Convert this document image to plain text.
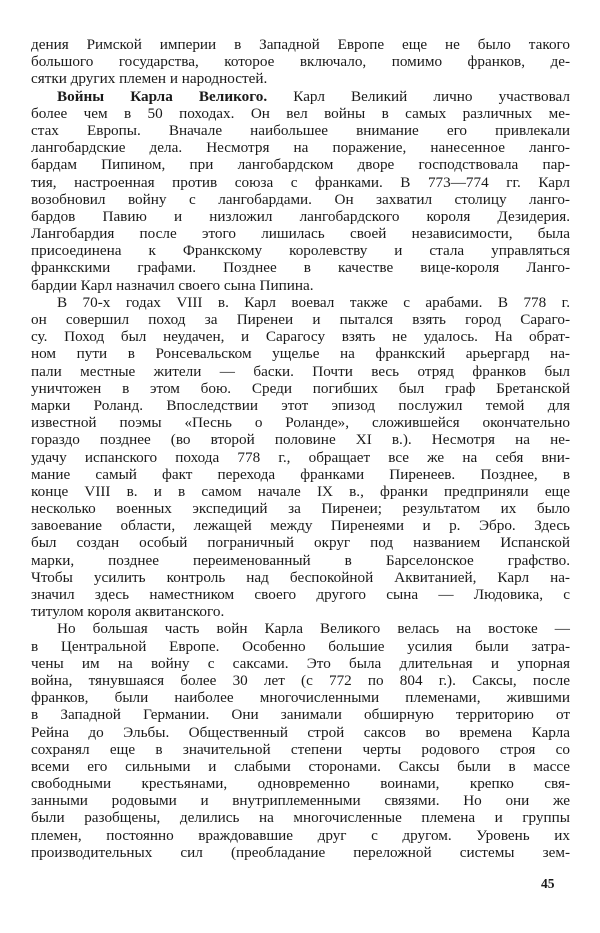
дения Римской империи в Западной Европе еще не было такого
большого государства, которое включало, помимо франков, де-
сятки других племен и народностей.
Войны Карла Великого. Карл Великий лично участвовал
более чем в 50 походах. Он вел войны в самых различных ме-
стах Европы. Вначале наибольшее внимание его привлекали
лангобардские дела. Несмотря на поражение, нанесенное ланго-
бардам Пипином, при лангобардском дворе господствовала пар-
тия, настроенная против союза с франками. В 773—774 гг. Карл
возобновил войну с лангобардами. Он захватил столицу ланго-
бардов Павию и низложил лангобардского короля Дезидерия.
Лангобардия после этого лишилась своей независимости, была
присоединена к Франкскому королевству и стала управляться
франкскими графами. Позднее в качестве вице-короля Ланго-
бардии Карл назначил своего сына Пипина.
В 70-х годах VIII в. Карл воевал также с арабами. В 778 г.
он совершил поход за Пиренеи и пытался взять город Сараго-
су. Поход был неудачен, и Сарагосу взять не удалось. На обрат-
ном пути в Ронсевальском ущелье на франкский арьергард на-
пали местные жители — баски. Почти весь отряд франков был
уничтожен в этом бою. Среди погибших был граф Бретанской
марки Роланд. Впоследствии этот эпизод послужил темой для
известной поэмы «Песнь о Роланде», сложившейся окончательно
гораздо позднее (во второй половине XI в.). Несмотря на не-
удачу испанского похода 778 г., обращает все же на себя вни-
мание самый факт перехода франками Пиренеев. Позднее, в
конце VIII в. и в самом начале IX в., франки предприняли еще
несколько военных экспедиций за Пиренеи; результатом их было
завоевание области, лежащей между Пиренеями и р. Эбро. Здесь
был создан особый пограничный округ под названием Испанской
марки, позднее переименованный в Барселонское графство.
Чтобы усилить контроль над беспокойной Аквитанией, Карл на-
значил здесь наместником своего другого сына — Людовика, с
титулом короля аквитанского.
Но большая часть войн Карла Великого велась на востоке —
в Центральной Европе. Особенно большие усилия были затра-
чены им на войну с саксами. Это была длительная и упорная
война, тянувшаяся более 30 лет (с 772 по 804 г.). Саксы, после
франков, были наиболее многочисленными племенами, жившими
в Западной Германии. Они занимали обширную территорию от
Рейна до Эльбы. Общественный строй саксов во времена Карла
сохранял еще в значительной степени черты родового строя со
всеми его сильными и слабыми сторонами. Саксы были в массе
свободными крестьянами, одновременно воинами, крепко свя-
занными родовыми и внутриплеменными связями. Но они же
были разобщены, делились на многочисленные племена и группы
племен, постоянно враждовавшие друг с другом. Уровень их
производительных сил (преобладание переложной системы зем-
45
